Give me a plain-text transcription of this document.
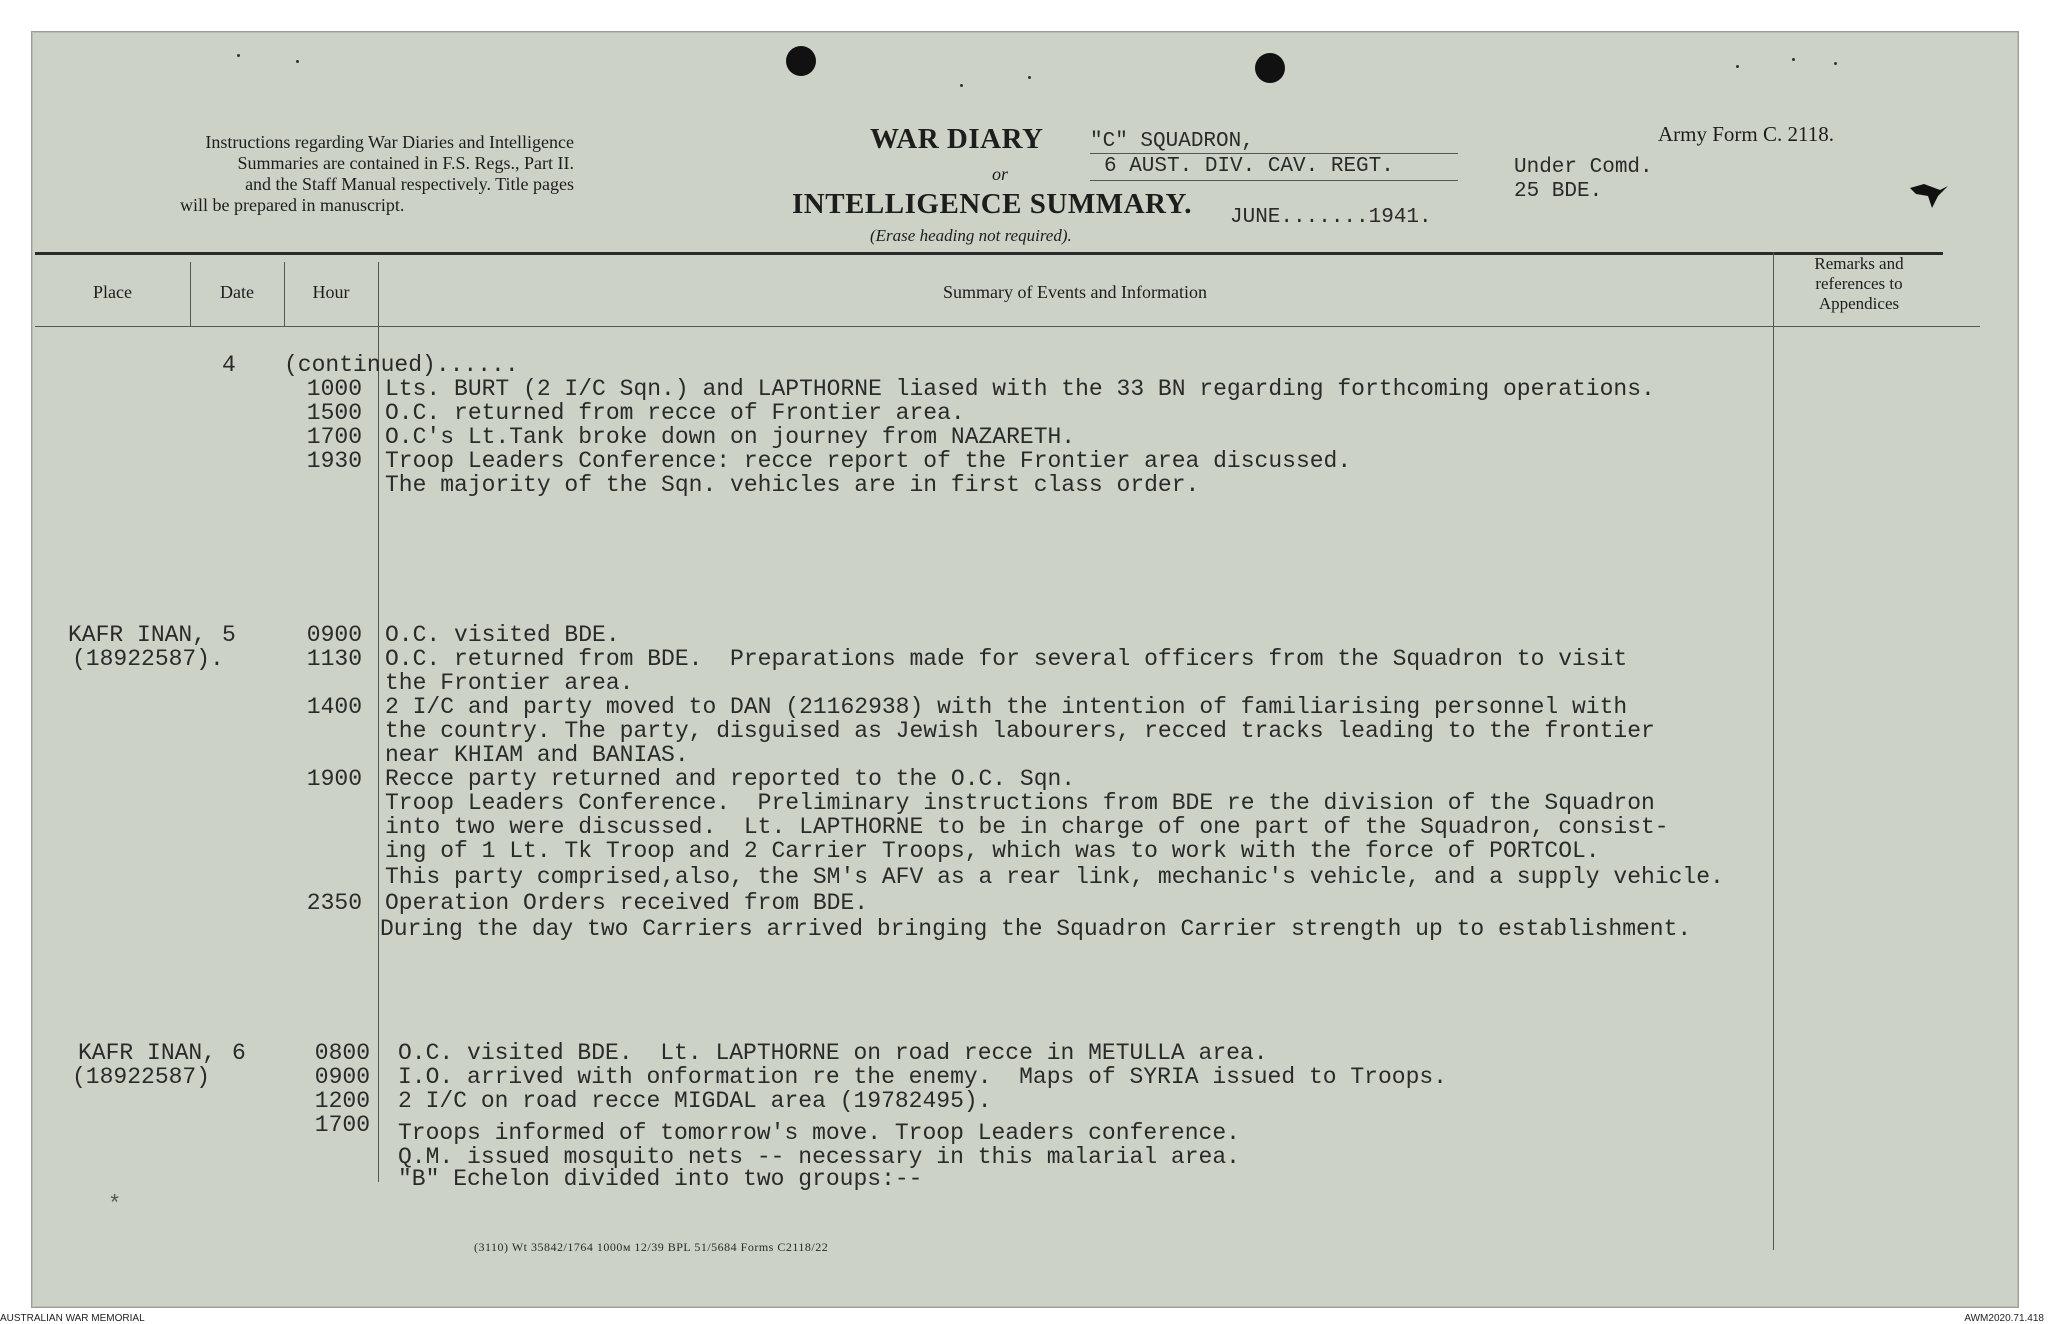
Instructions regarding War Diaries and Intelligence
Summaries are contained in F.S. Regs., Part II.
and the Staff Manual respectively. Title pages
will be prepared in manuscript.
WAR DIARY
or
INTELLIGENCE SUMMARY.
(Erase heading not required).
Army Form C. 2118.
"C" SQUADRON,
6 AUST. DIV. CAV. REGT.
JUNE.......1941.
Under Comd.
25 BDE.
Place	Date	Hour	Summary of Events and Information
Remarks and
references to
Appendices
4 (continued)......
1000 Lts. BURT (2 I/C Sqn.) and LAPTHORNE liased with the 33 BN regarding forthcoming operations.
1500 O.C. returned from recce of Frontier area.
1700 O.C's Lt.Tank broke down on journey from NAZARETH.
1930 Troop Leaders Conference: recce report of the Frontier area discussed.
The majority of the Sqn. vehicles are in first class order.
KAFR INAN, 5
(18922587).
0900 O.C. visited BDE.
1130 O.C. returned from BDE.  Preparations made for several officers from the Squadron to visit
the Frontier area.
1400 2 I/C and party moved to DAN (21162938) with the intention of familiarising personnel with
the country. The party, disguised as Jewish labourers, recced tracks leading to the frontier
near KHIAM and BANIAS.
1900 Recce party returned and reported to the O.C. Sqn.
Troop Leaders Conference.  Preliminary instructions from BDE re the division of the Squadron
into two were discussed.  Lt. LAPTHORNE to be in charge of one part of the Squadron, consist-
ing of 1 Lt. Tk Troop and 2 Carrier Troops, which was to work with the force of PORTCOL.
This party comprised,also, the SM's AFV as a rear link, mechanic's vehicle, and a supply vehicle.
2350 Operation Orders received from BDE.
During the day two Carriers arrived bringing the Squadron Carrier strength up to establishment.
KAFR INAN, 6
(18922587)
0800 O.C. visited BDE.  Lt. LAPTHORNE on road recce in METULLA area.
0900 I.O. arrived with onformation re the enemy.  Maps of SYRIA issued to Troops.
1200 2 I/C on road recce MIGDAL area (19782495).
1700 Troops informed of tomorrow's move. Troop Leaders conference.
Q.M. issued mosquito nets -- necessary in this malarial area.
"B" Echelon divided into two groups:--
*
(3110) Wt 35842/1764 1000м 12/39 BPL 51/5684 Forms C2118/22
AUSTRALIAN WAR MEMORIAL	AWM2020.71.418
